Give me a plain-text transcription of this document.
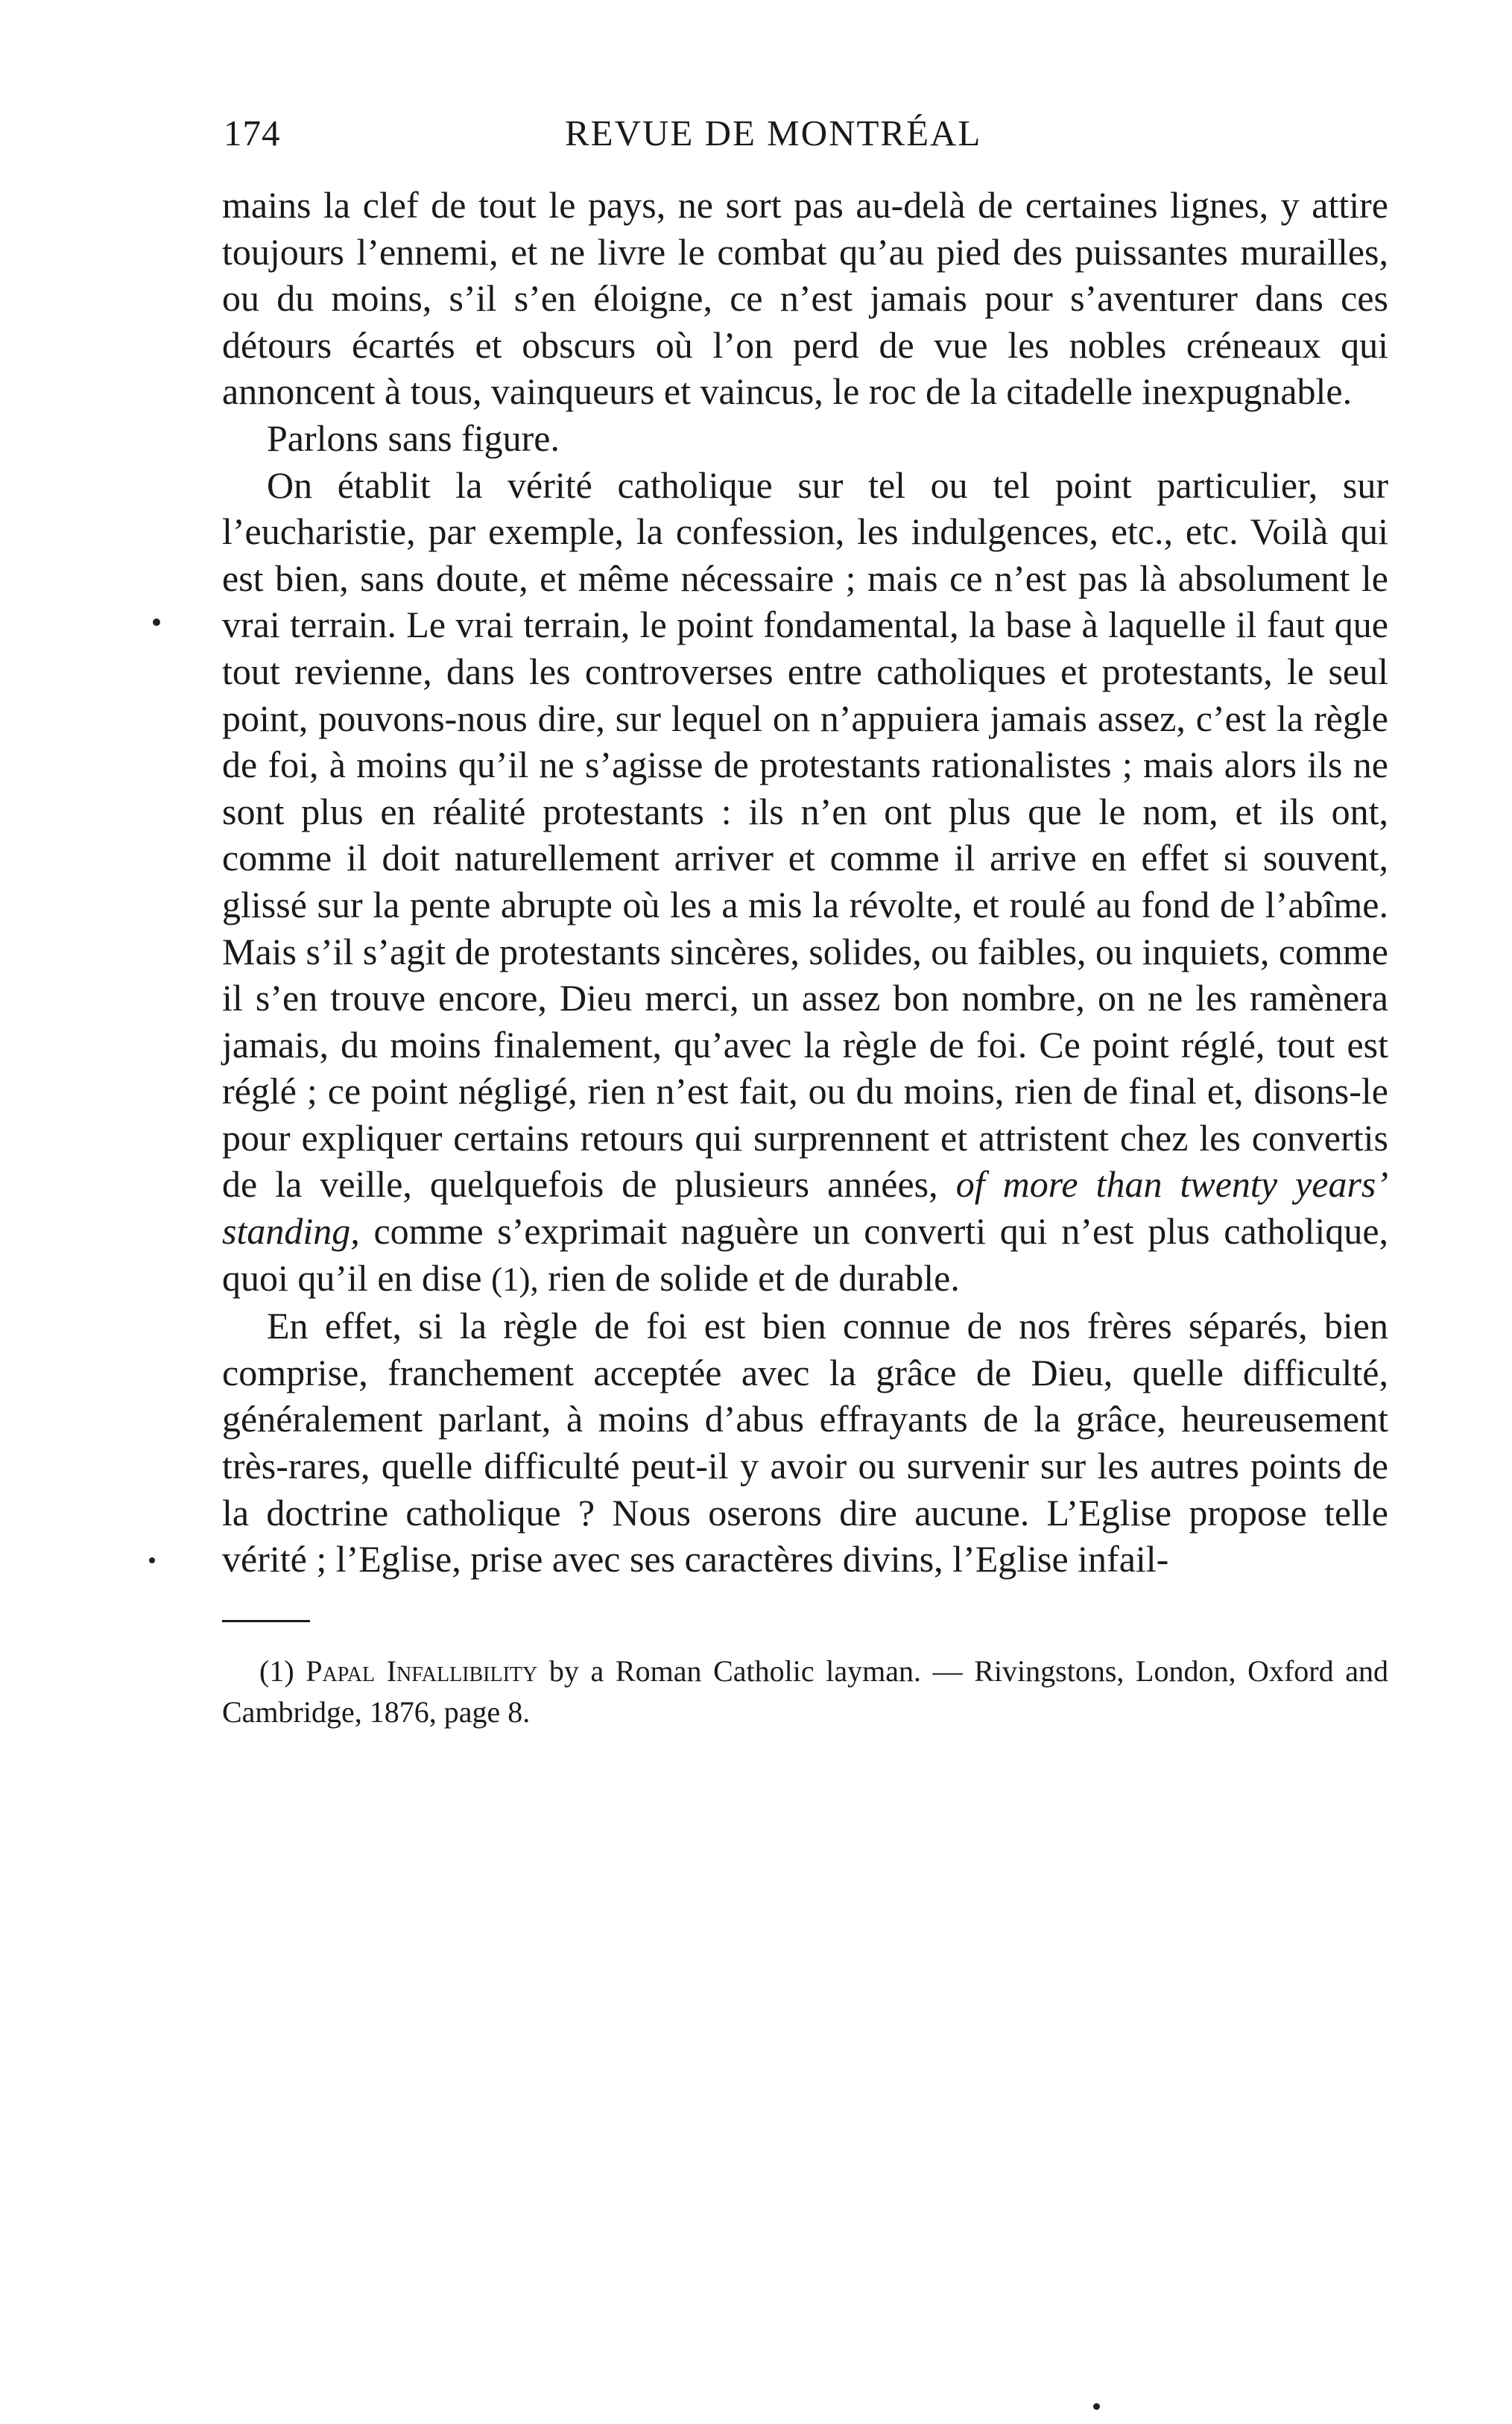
174	REVUE DE MONTRÉAL

mains la clef de tout le pays, ne sort pas au-delà de certaines lignes, y attire toujours l’ennemi, et ne livre le combat qu’au pied des puissantes murailles, ou du moins, s’il s’en éloigne, ce n’est jamais pour s’aventurer dans ces détours écartés et obscurs où l’on perd de vue les nobles créneaux qui annoncent à tous, vainqueurs et vaincus, le roc de la citadelle inexpugnable.

Parlons sans figure.

On établit la vérité catholique sur tel ou tel point particulier, sur l’eucharistie, par exemple, la confession, les indulgences, etc., etc. Voilà qui est bien, sans doute, et même nécessaire ; mais ce n’est pas là absolument le vrai terrain. Le vrai terrain, le point fondamental, la base à laquelle il faut que tout revienne, dans les controverses entre catholiques et protestants, le seul point, pouvons-nous dire, sur lequel on n’appuiera jamais assez, c’est la règle de foi, à moins qu’il ne s’agisse de protestants rationalistes ; mais alors ils ne sont plus en réalité protestants : ils n’en ont plus que le nom, et ils ont, comme il doit naturellement arriver et comme il arrive en effet si souvent, glissé sur la pente abrupte où les a mis la révolte, et roulé au fond de l’abîme. Mais s’il s’agit de protestants sincères, solides, ou faibles, ou inquiets, comme il s’en trouve encore, Dieu merci, un assez bon nombre, on ne les ramènera jamais, du moins finalement, qu’avec la règle de foi. Ce point réglé, tout est réglé ; ce point négligé, rien n’est fait, ou du moins, rien de final et, disons-le pour expliquer certains retours qui surprennent et attristent chez les convertis de la veille, quelquefois de plusieurs années, of more than twenty years’ standing, comme s’exprimait naguère un converti qui n’est plus catholique, quoi qu’il en dise (1), rien de solide et de durable.

En effet, si la règle de foi est bien connue de nos frères séparés, bien comprise, franchement acceptée avec la grâce de Dieu, quelle difficulté, généralement parlant, à moins d’abus effrayants de la grâce, heureusement très-rares, quelle difficulté peut-il y avoir ou survenir sur les autres points de la doctrine catholique ? Nous oserons dire aucune. L’Eglise propose telle vérité ; l’Eglise, prise avec ses caractères divins, l’Eglise infail-

(1) Papal Infallibility by a Roman Catholic layman. — Rivingstons, London, Oxford and Cambridge, 1876, page 8.
